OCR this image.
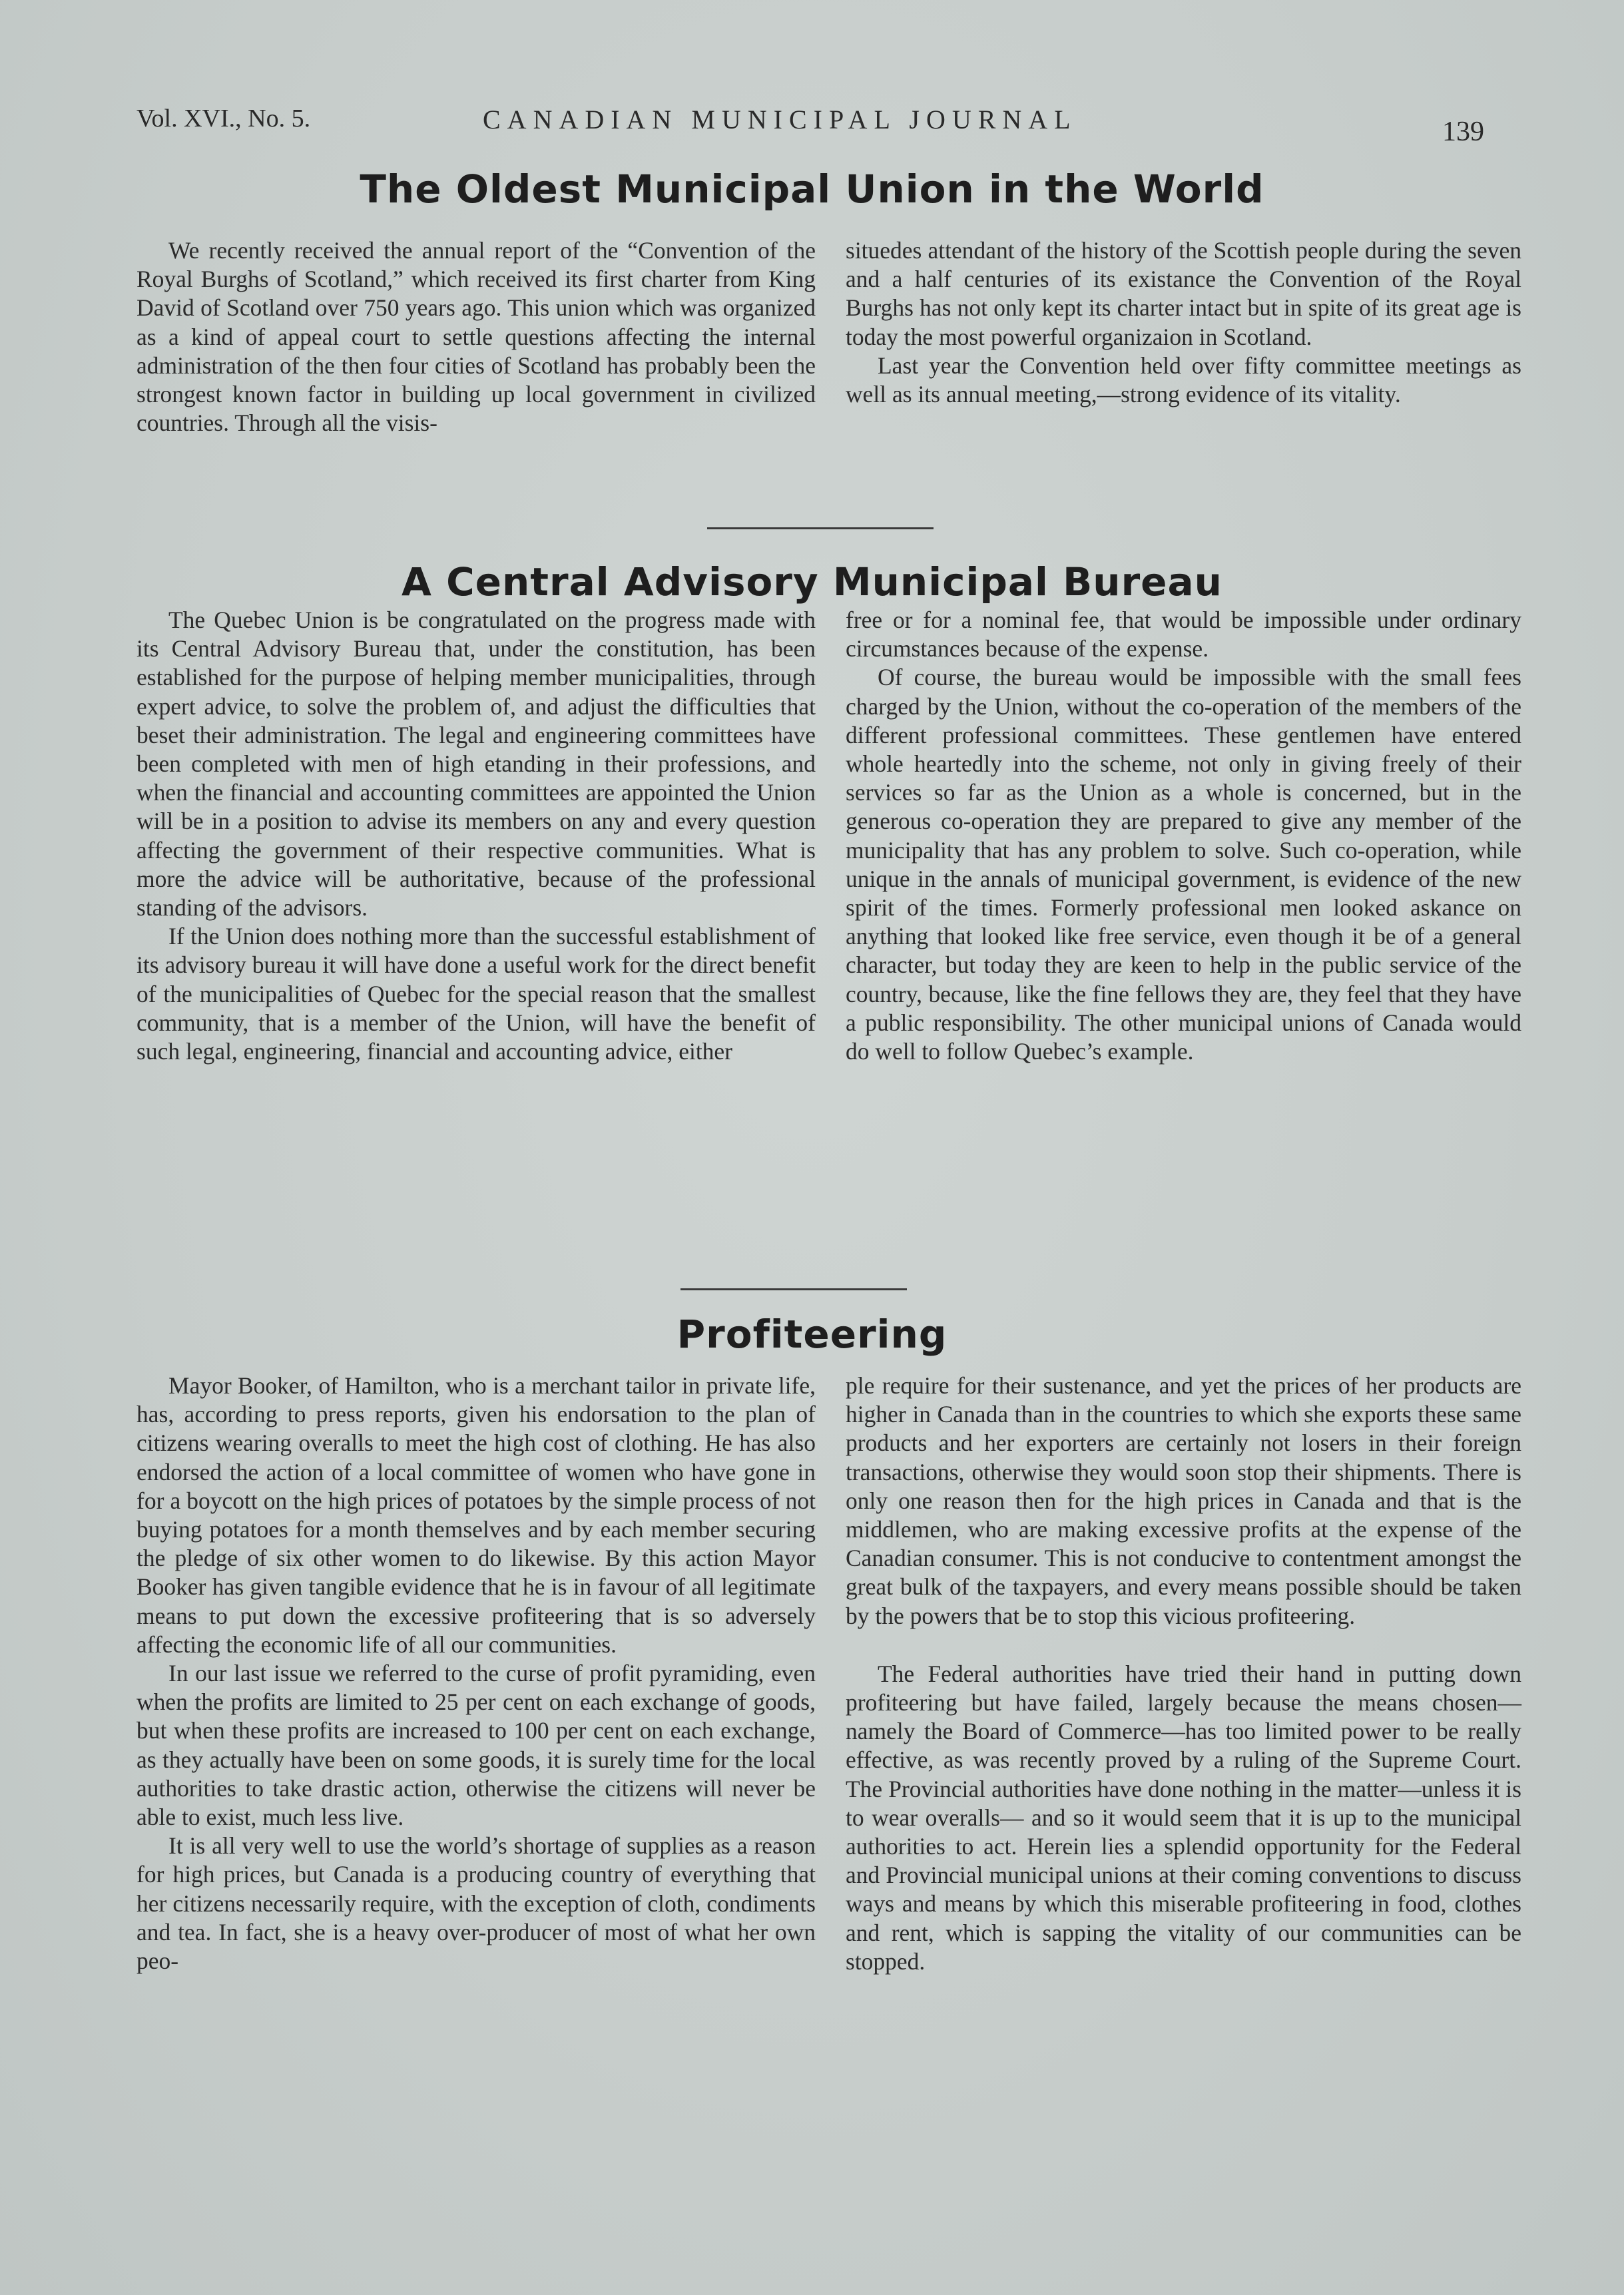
Vol. XVI., No. 5.	CANADIAN MUNICIPAL JOURNAL	139
The Oldest Municipal Union in the World

We recently received the annual report of the “Convention of the Royal Burghs of Scotland,” which received its first charter from King David of Scotland over 750 years ago. This union which was organized as a kind of appeal court to settle questions affecting the internal administration of the then four cities of Scotland has probably been the strongest known factor in building up local government in civilized countries. Through all the visis-

situedes attendant of the history of the Scottish people during the seven and a half centuries of its existance the Convention of the Royal Burghs has not only kept its charter intact but in spite of its great age is today the most powerful organizaion in Scotland.

Last year the Convention held over fifty committee meetings as well as its annual meeting,—strong evidence of its vitality.

A Central Advisory Municipal Bureau

The Quebec Union is be congratulated on the progress made with its Central Advisory Bureau that, under the constitution, has been established for the purpose of helping member municipalities, through expert advice, to solve the problem of, and adjust the difficulties that beset their administration. The legal and engineering committees have been completed with men of high etanding in their professions, and when the financial and accounting committees are appointed the Union will be in a position to advise its members on any and every question affecting the government of their respective communities. What is more the advice will be authoritative, because of the professional standing of the advisors.

If the Union does nothing more than the successful establishment of its advisory bureau it will have done a useful work for the direct benefit of the municipalities of Quebec for the special reason that the smallest community, that is a member of the Union, will have the benefit of such legal, engineering, financial and accounting advice, either

free or for a nominal fee, that would be impossible under ordinary circumstances because of the expense.

Of course, the bureau would be impossible with the small fees charged by the Union, without the co-operation of the members of the different professional committees. These gentlemen have entered whole heartedly into the scheme, not only in giving freely of their services so far as the Union as a whole is concerned, but in the generous co-operation they are prepared to give any member of the municipality that has any problem to solve. Such co-operation, while unique in the annals of municipal government, is evidence of the new spirit of the times. Formerly professional men looked askance on anything that looked like free service, even though it be of a general character, but today they are keen to help in the public service of the country, because, like the fine fellows they are, they feel that they have a public responsibility. The other municipal unions of Canada would do well to follow Quebec’s example.

Profiteering

Mayor Booker, of Hamilton, who is a merchant tailor in private life, has, according to press reports, given his endorsation to the plan of citizens wearing overalls to meet the high cost of clothing. He has also endorsed the action of a local committee of women who have gone in for a boycott on the high prices of potatoes by the simple process of not buying potatoes for a month themselves and by each member securing the pledge of six other women to do likewise. By this action Mayor Booker has given tangible evidence that he is in favour of all legitimate means to put down the excessive profiteering that is so adversely affecting the economic life of all our communities.

In our last issue we referred to the curse of profit pyramiding, even when the profits are limited to 25 per cent on each exchange of goods, but when these profits are increased to 100 per cent on each exchange, as they actually have been on some goods, it is surely time for the local authorities to take drastic action, otherwise the citizens will never be able to exist, much less live.

It is all very well to use the world’s shortage of supplies as a reason for high prices, but Canada is a producing country of everything that her citizens necessarily require, with the exception of cloth, condiments and tea. In fact, she is a heavy over-producer of most of what her own peo-

ple require for their sustenance, and yet the prices of her products are higher in Canada than in the countries to which she exports these same products and her exporters are certainly not losers in their foreign transactions, otherwise they would soon stop their shipments. There is only one reason then for the high prices in Canada and that is the middlemen, who are making excessive profits at the expense of the Canadian consumer. This is not conducive to contentment amongst the great bulk of the taxpayers, and every means possible should be taken by the powers that be to stop this vicious profiteering.

The Federal authorities have tried their hand in putting down profiteering but have failed, largely because the means chosen—namely the Board of Commerce—has too limited power to be really effective, as was recently proved by a ruling of the Supreme Court. The Provincial authorities have done nothing in the matter—unless it is to wear overalls— and so it would seem that it is up to the municipal authorities to act. Herein lies a splendid opportunity for the Federal and Provincial municipal unions at their coming conventions to discuss ways and means by which this miserable profiteering in food, clothes and rent, which is sapping the vitality of our communities can be stopped.
